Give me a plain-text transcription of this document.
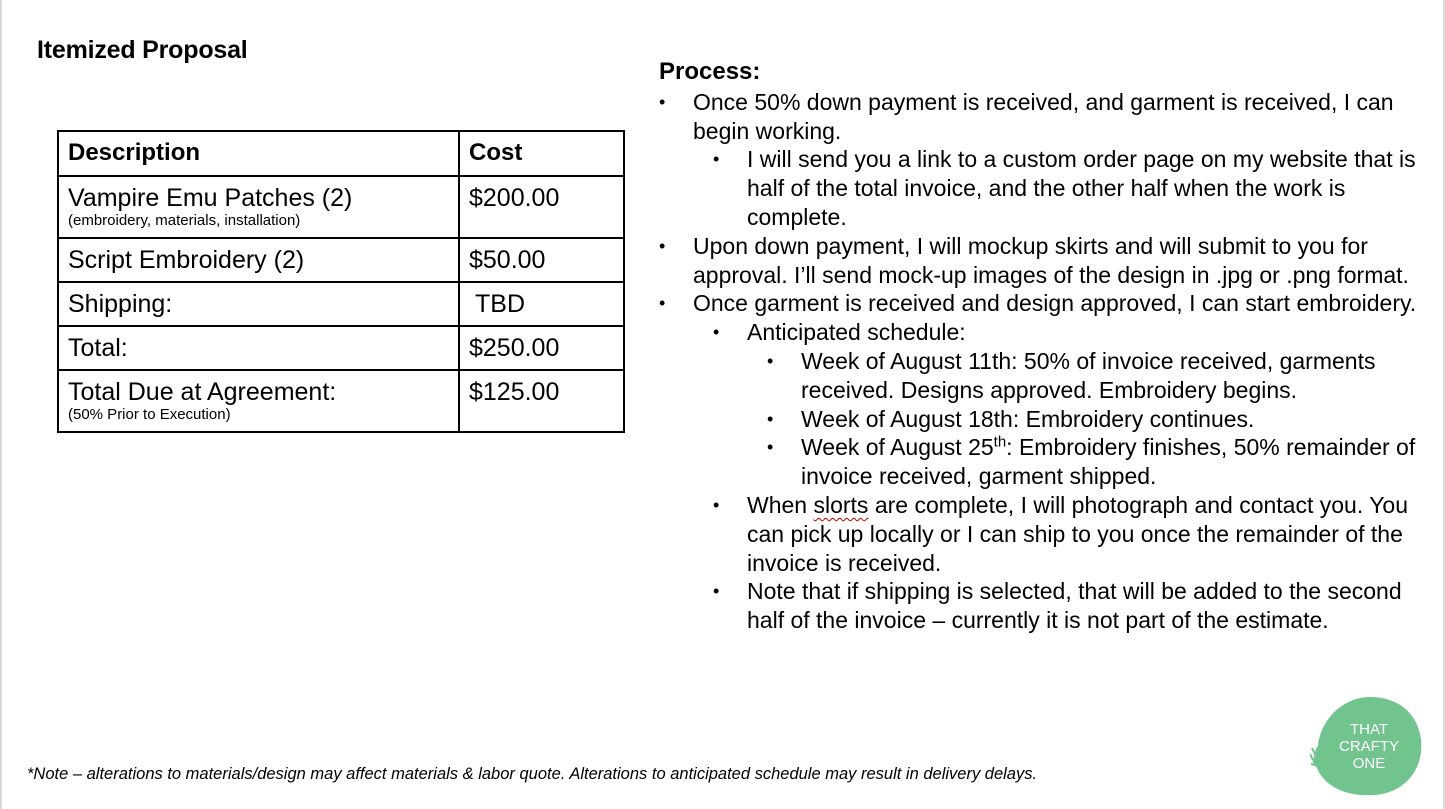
Itemized Proposal
Description	Cost

Vampire Emu Patches (2)
(embroidery, materials, installation)	$200.00

Script Embroidery (2)	$50.00

Shipping:	TBD

Total:	$250.00

Total Due at Agreement:
(50% Prior to Execution)	$125.00
Process:
• Once 50% down payment is received, and garment is received, I can begin working.
• I will send you a link to a custom order page on my website that is half of the total invoice, and the other half when the work is complete.
• Upon down payment, I will mockup skirts and will submit to you for approval. I’ll send mock-up images of the design in .jpg or .png format.
• Once garment is received and design approved, I can start embroidery.
• Anticipated schedule:
• Week of August 11th: 50% of invoice received, garments received. Designs approved. Embroidery begins.
• Week of August 18th: Embroidery continues.
• Week of August 25th: Embroidery finishes, 50% remainder of invoice received, garment shipped.
• When slorts are complete, I will photograph and contact you. You can pick up locally or I can ship to you once the remainder of the invoice is received.
• Note that if shipping is selected, that will be added to the second half of the invoice – currently it is not part of the estimate.
*Note – alterations to materials/design may affect materials & labor quote. Alterations to anticipated schedule may result in delivery delays.
THAT
CRAFTY
ONE
